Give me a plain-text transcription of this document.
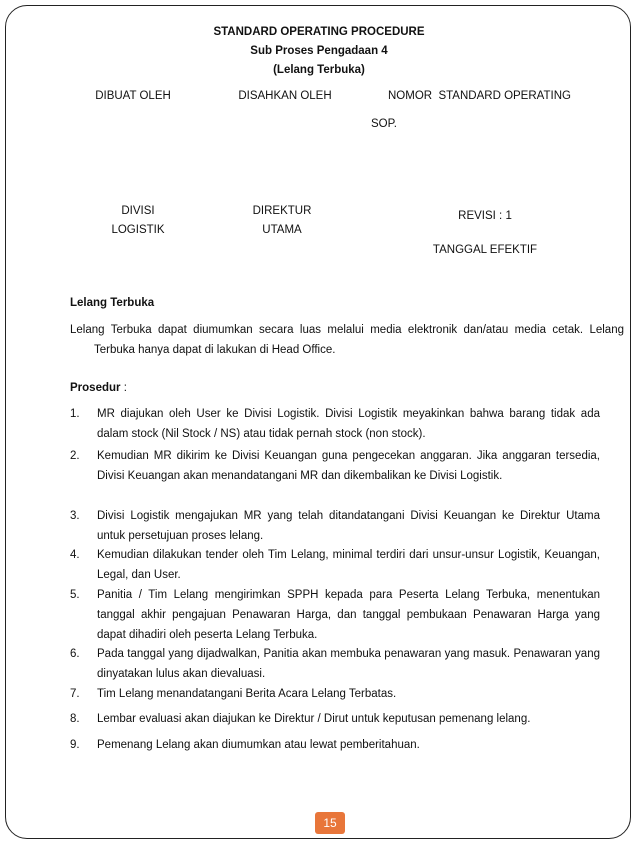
STANDARD OPERATING PROCEDURE
Sub Proses Pengadaan 4
(Lelang Terbuka)
DIBUAT OLEH	DISAHKAN OLEH	NOMOR  STANDARD OPERATING
SOP.
DIVISI
LOGISTIK
DIREKTUR
UTAMA
REVISI : 1
TANGGAL EFEKTIF
Lelang Terbuka
Lelang Terbuka dapat diumumkan secara luas melalui media elektronik dan/atau media cetak. Lelang Terbuka hanya dapat di lakukan di Head Office.
Prosedur :
1. MR diajukan oleh User ke Divisi Logistik. Divisi Logistik meyakinkan bahwa barang tidak ada dalam stock (Nil Stock / NS) atau tidak pernah stock (non stock).
2. Kemudian MR dikirim ke Divisi Keuangan guna pengecekan anggaran. Jika anggaran tersedia, Divisi Keuangan akan menandatangani MR dan dikembalikan ke Divisi Logistik.
3. Divisi Logistik mengajukan MR yang telah ditandatangani Divisi Keuangan ke Direktur Utama untuk persetujuan proses lelang.
4. Kemudian dilakukan tender oleh Tim Lelang, minimal terdiri dari unsur-unsur Logistik, Keuangan, Legal, dan User.
5. Panitia / Tim Lelang mengirimkan SPPH kepada para Peserta Lelang Terbuka, menentukan tanggal akhir pengajuan Penawaran Harga, dan tanggal pembukaan Penawaran Harga yang dapat dihadiri oleh peserta Lelang Terbuka.
6. Pada tanggal yang dijadwalkan, Panitia akan membuka penawaran yang masuk. Penawaran yang dinyatakan lulus akan dievaluasi.
7. Tim Lelang menandatangani Berita Acara Lelang Terbatas.
8. Lembar evaluasi akan diajukan ke Direktur / Dirut untuk keputusan pemenang lelang.
9. Pemenang Lelang akan diumumkan atau lewat pemberitahuan.
15
